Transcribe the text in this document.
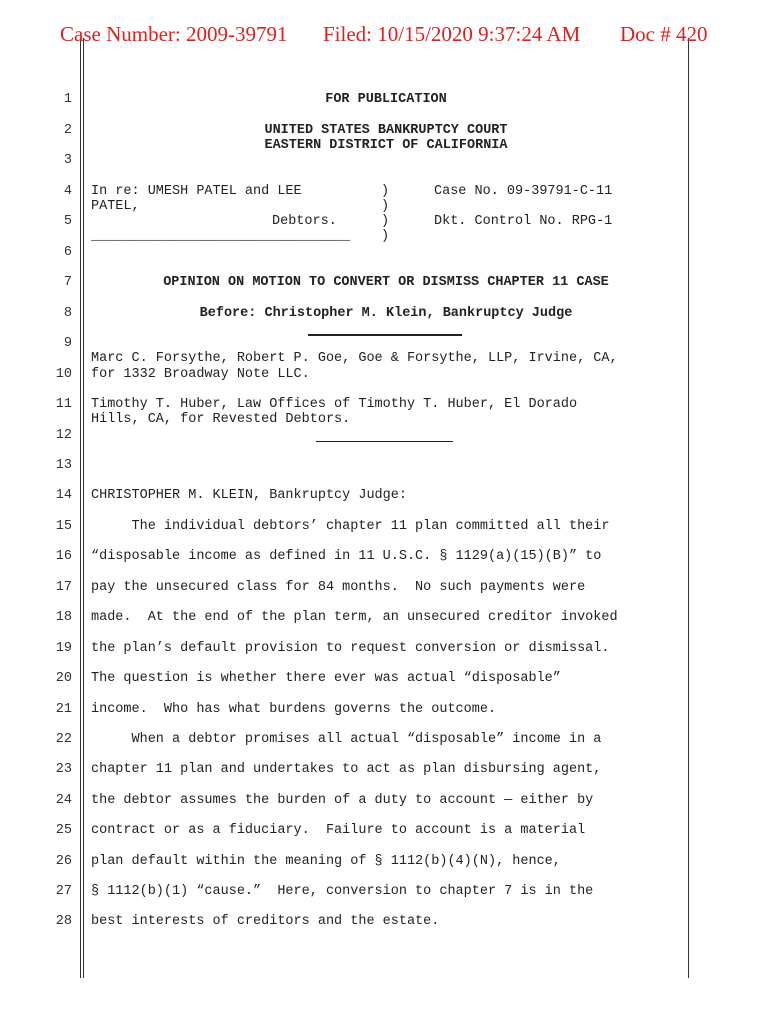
Case Number: 2009-39791 Filed: 10/15/2020 9:37:24 AM Doc # 420
1
2
3
4
5
6
7
8
9
10
11
12
13
14
15
16
17
18
19
20
21
22
23
24
25
26
27
28
FOR PUBLICATION
UNITED STATES BANKRUPTCY COURT
EASTERN DISTRICT OF CALIFORNIA
In re: UMESH PATEL and LEE
PATEL,
Debtors.
________________________________
)
)
)
)
Case No. 09-39791-C-11
Dkt. Control No. RPG-1
OPINION ON MOTION TO CONVERT OR DISMISS CHAPTER 11 CASE
Before: Christopher M. Klein, Bankruptcy Judge
Marc C. Forsythe, Robert P. Goe, Goe & Forsythe, LLP, Irvine, CA,
for 1332 Broadway Note LLC.
Timothy T. Huber, Law Offices of Timothy T. Huber, El Dorado
Hills, CA, for Revested Debtors.
CHRISTOPHER M. KLEIN, Bankruptcy Judge:
The individual debtors’ chapter 11 plan committed all their
“disposable income as defined in 11 U.S.C. § 1129(a)(15)(B)” to
pay the unsecured class for 84 months.  No such payments were
made.  At the end of the plan term, an unsecured creditor invoked
the plan’s default provision to request conversion or dismissal.
The question is whether there ever was actual “disposable”
income.  Who has what burdens governs the outcome.
When a debtor promises all actual “disposable” income in a
chapter 11 plan and undertakes to act as plan disbursing agent,
the debtor assumes the burden of a duty to account — either by
contract or as a fiduciary.  Failure to account is a material
plan default within the meaning of § 1112(b)(4)(N), hence,
§ 1112(b)(1) “cause.”  Here, conversion to chapter 7 is in the
best interests of creditors and the estate.
